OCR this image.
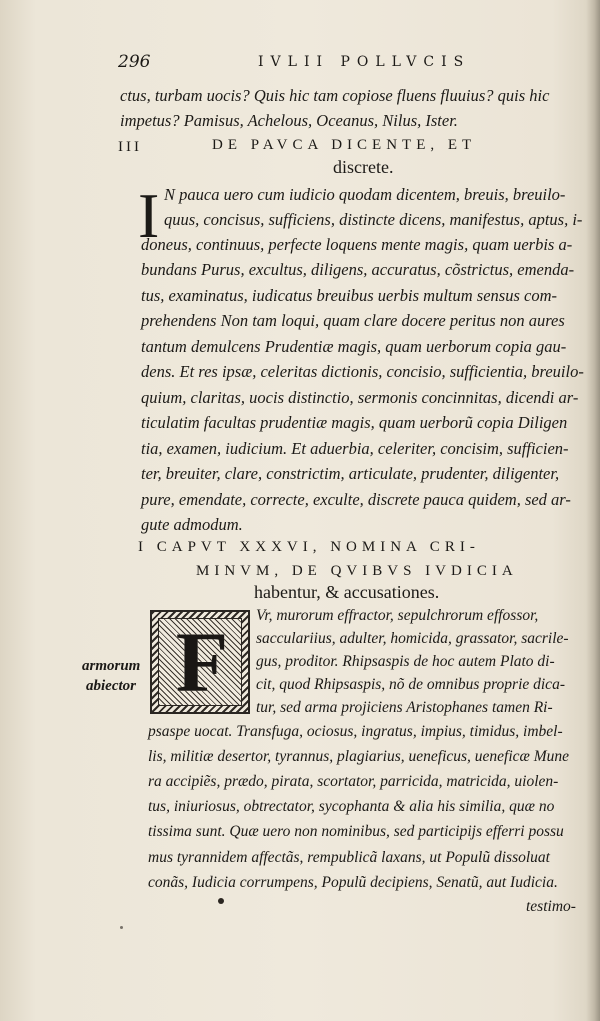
296	IVLII POLLVCIS
ctus, turbam uocis? Quis hic tam copiose fluens fluuius? quis hic
impetus? Pamisus, Achelous, Oceanus, Nilus, Ister.
III	DE PAVCA DICENTE, ET
discrete.
I N pauca uero cum iudicio quodam dicentem, breuis, breuilo-
quus, concisus, sufficiens, distincte dicens, manifestus, aptus, i-
doneus, continuus, perfecte loquens mente magis, quam uerbis a-
bundans Purus, excultus, diligens, accuratus, cõstrictus, emenda-
tus, examinatus, iudicatus breuibus uerbis multum sensus com-
prehendens Non tam loqui, quam clare docere peritus non aures
tantum demulcens Prudentiæ magis, quam uerborum copia gau-
dens. Et res ipsæ, celeritas dictionis, concisio, sufficientia, breuilo-
quium, claritas, uocis distinctio, sermonis concinnitas, dicendi ar-
ticulatim facultas prudentiæ magis, quam uerborũ copia Diligen
tia, examen, iudicium. Et aduerbia, celeriter, concisim, sufficien-
ter, breuiter, clare, constrictim, articulate, prudenter, diligenter,
pure, emendate, correcte, exculte, discrete pauca quidem, sed ar-
gute admodum.
I CAPVT XXXVI, NOMINA CRI-
MINVM, DE QVIBVS IVDICIA
habentur, & accusationes.
F
armorum
abiector
Vr, murorum effractor, sepulchrorum effossor,
sacculariius, adulter, homicida, grassator, sacrile-
gus, proditor. Rhipsaspis de hoc autem Plato di-
cit, quod Rhipsaspis, nõ de omnibus proprie dica-
tur, sed arma projiciens Aristophanes tamen Ri-
psaspe uocat. Transfuga, ociosus, ingratus, impius, timidus, imbel-
lis, militiæ desertor, tyrannus, plagiarius, ueneficus, ueneficæ Mune
ra accipiẽs, prædo, pirata, scortator, parricida, matricida, uiolen-
tus, iniuriosus, obtrectator, sycophanta & alia his similia, quæ no
tissima sunt. Quæ uero non nominibus, sed participijs efferri possu
mus tyrannidem affectãs, rempublicã laxans, ut Populũ dissoluat
conãs, Iudicia corrumpens, Populũ decipiens, Senatũ, aut Iudicia.
testimo-
